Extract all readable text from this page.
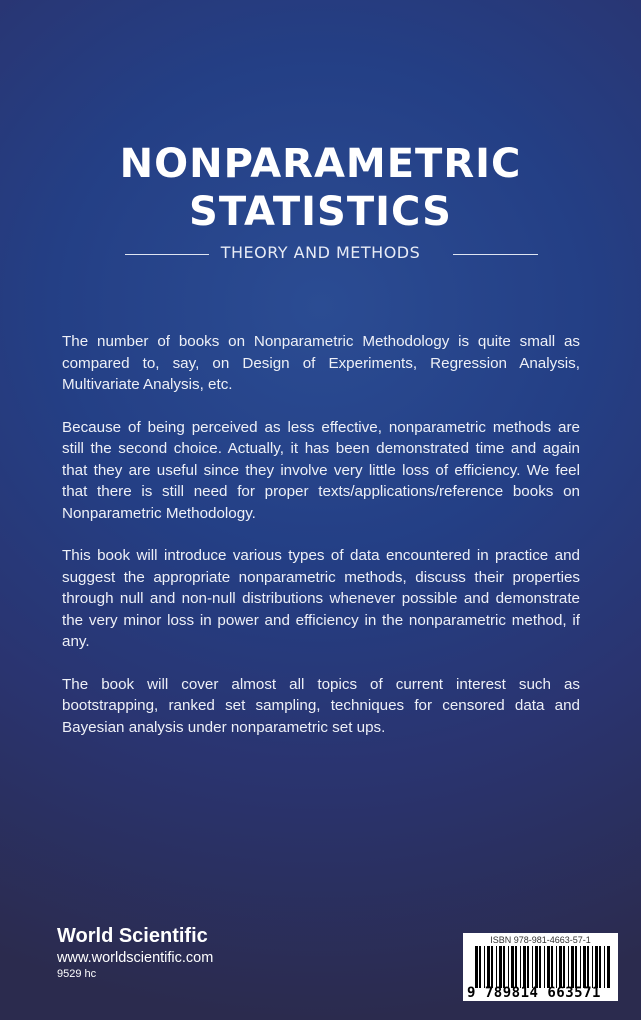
NONPARAMETRIC
STATISTICS
THEORY AND METHODS

The number of books on Nonparametric Methodology is quite small as compared to, say, on Design of Experiments, Regression Analysis, Multivariate Analysis, etc.

Because of being perceived as less effective, nonparametric methods are still the second choice. Actually, it has been demonstrated time and again that they are useful since they involve very little loss of efficiency. We feel that there is still need for proper texts/applications/reference books on Nonparametric Methodology.

This book will introduce various types of data encountered in practice and suggest the appropriate nonparametric methods, discuss their properties through null and non-null distributions whenever possible and demonstrate the very minor loss in power and efficiency in the nonparametric method, if any.

The book will cover almost all topics of current interest such as bootstrapping, ranked set sampling, techniques for censored data and Bayesian analysis under nonparametric set ups.

World Scientific
www.worldscientific.com
9529 hc
ISBN 978-981-4663-57-1
9 789814 663571
